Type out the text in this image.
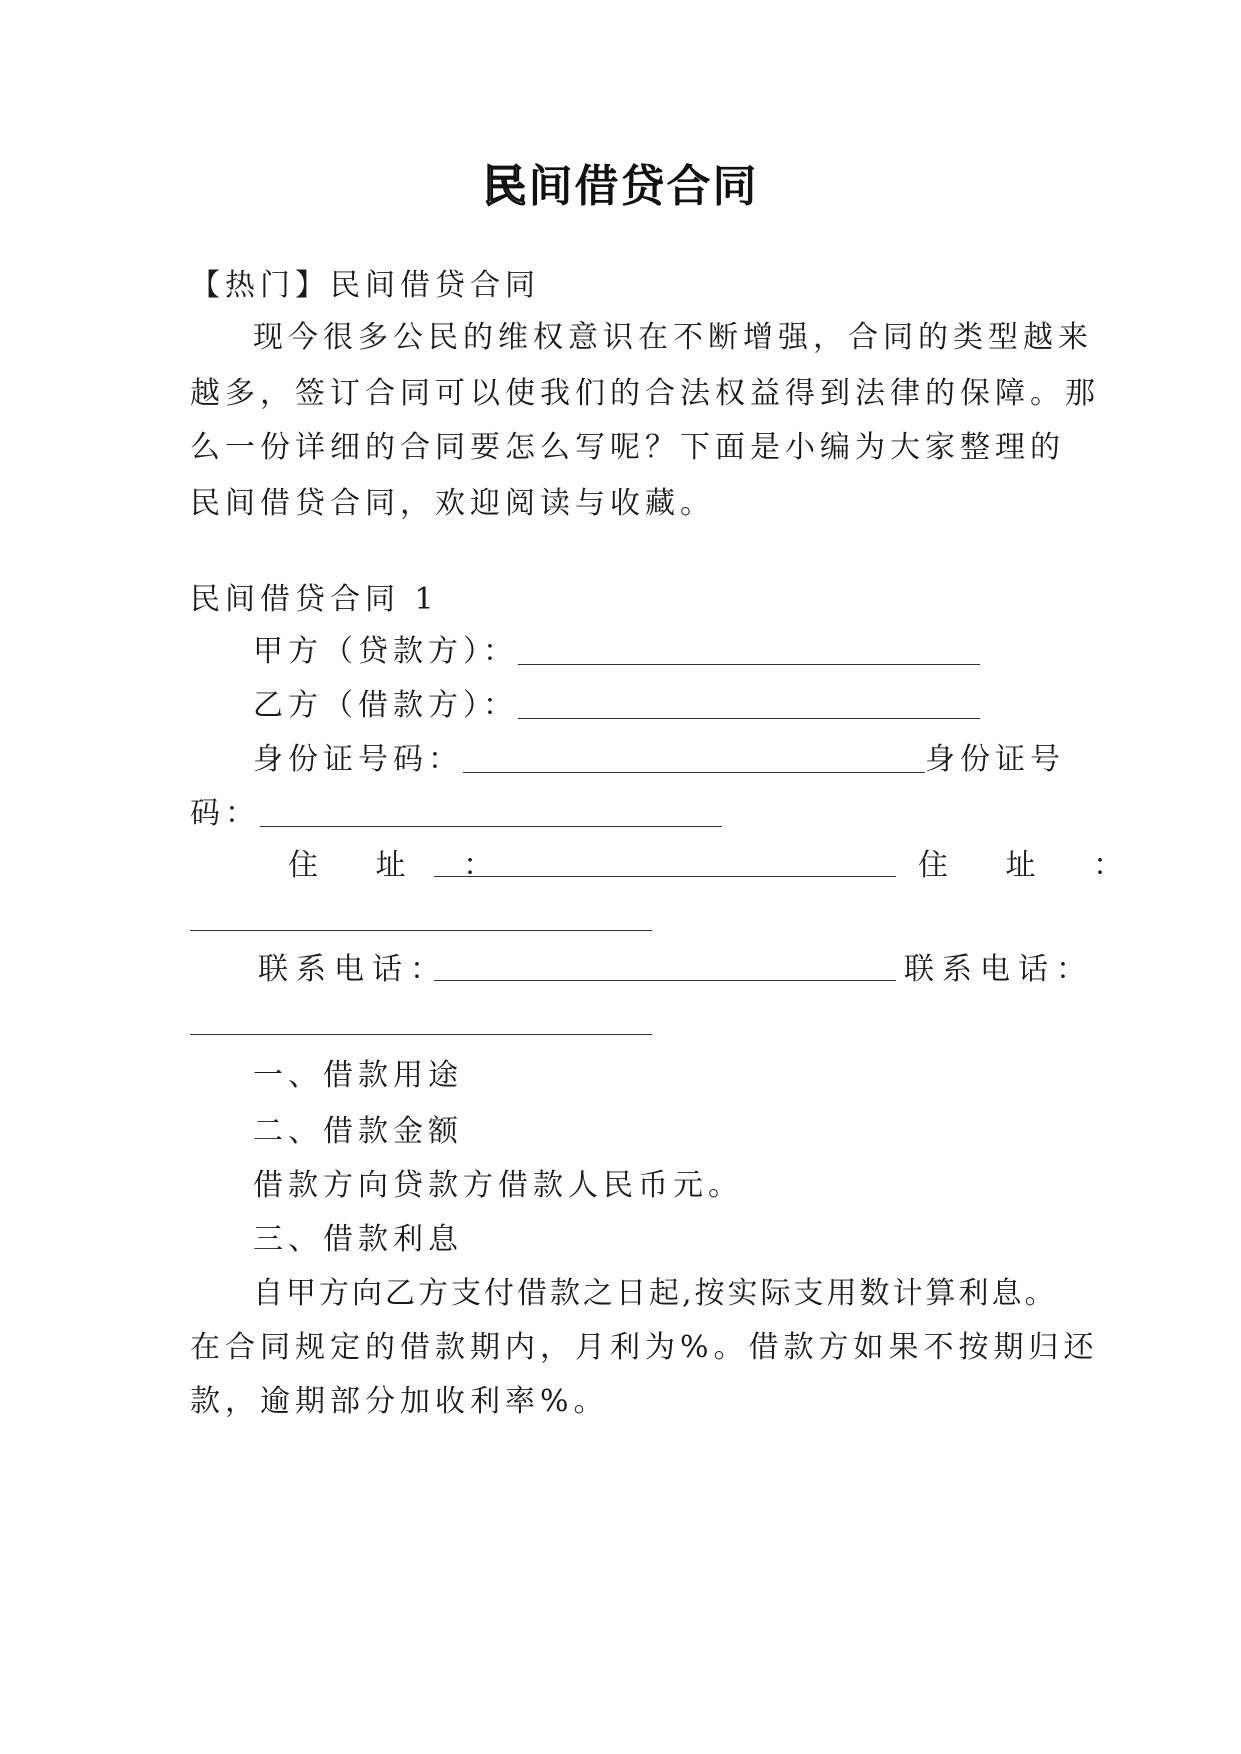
民间借贷合同
【热门】民间借贷合同
现今很多公民的维权意识在不断增强，合同的类型越来
越多，签订合同可以使我们的合法权益得到法律的保障。那
么一份详细的合同要怎么写呢？下面是小编为大家整理的
民间借贷合同，欢迎阅读与收藏。
民间借贷合同 1
甲方（贷款方）：
乙方（借款方）：
身份证号码：	身份证号
码：
住 址 ：	住 址 ：
联系电话：	联系电话：
一、借款用途
二、借款金额
借款方向贷款方借款人民币元。
三、借款利息
自甲方向乙方支付借款之日起,按实际支用数计算利息。
在合同规定的借款期内，月利为%。借款方如果不按期归还
款，逾期部分加收利率%。
